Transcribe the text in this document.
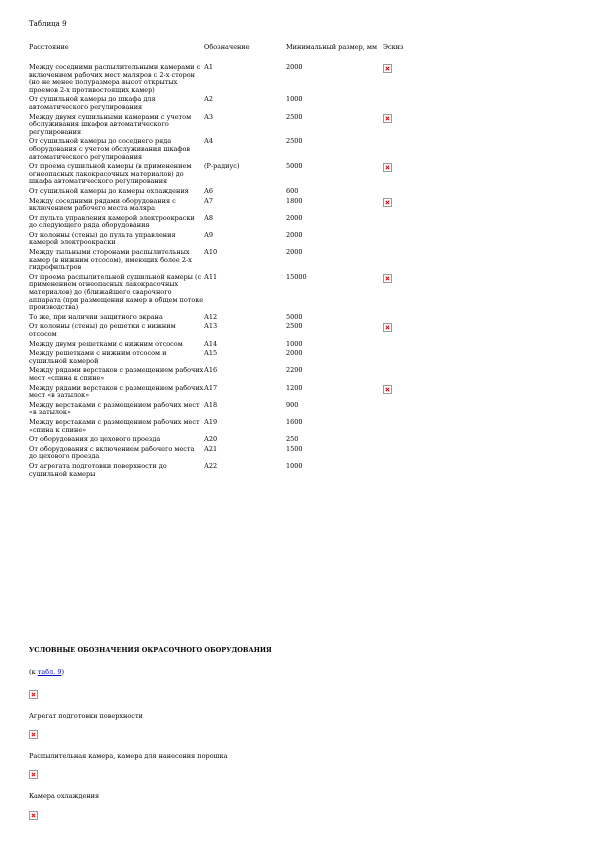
Таблица 9
Расстояние	Обозначение	Минимальный размер, мм	Эскиз
Между соседними распылительными камерами с включением рабочих мест маляров с 2-х сторон (но не менее полуразмера высот открытых проемов 2-х противостоящих камер)	А1	2000	
От сушильной камеры до шкафа для автоматического регулирования	А2	1000	
Между двумя сушильными камерами с учетом обслуживания шкафов автоматического регулирования	А3	2500	
От сушильной камеры до соседнего ряда оборудования с учетом обслуживания шкафов автоматического регулирования	А4	2500	
От проема сушильной камеры (в применением огнеопасных лакокрасочных материалов) до шкафа автоматического регулирования	(Р-радиус)	5000	
От сушильной камеры до камеры охлаждения	А6	600	
Между соседними рядами оборудования с включением рабочего места маляра	А7	1800	
От пульта управления камерой электроокраски до следующего ряда оборудования	А8	2000	
От колонны (стены) до пульта управления камерой электроокраски	А9	2000	
Между тыльными сторонами распылительных камер (в нижним отсосом), имеющих более 2-х гидрофильтров	А10	2000	
От проема распылительной сушильной камеры (с применением огнеопасных лакокрасочных материалов) до (ближайшего сварочного аппарата (при размещении камер в общем потоке производства)	А11	15000	
То же, при наличии защитного экрана	А12	5000	
От колонны (стены) до решетки с нижним отсосом	А13	2500	
Между двумя решетками с нижним отсосом	А14	1000	
Между решетками с нижним отсосом и сушильной камерой	А15	2000	
Между рядами верстаков с размещением рабочих мест «спина к спине»	А16	2200	
Между рядами верстаков с размещением рабочих мест «в затылок»	А17	1200	
Между верстаками с размещением рабочих мест «в затылок»	А18	900	
Между верстаками с размещением рабочих мест «спина к спине»	А19	1600	
От оборудования до цехового проезда	А20	250	
От оборудования с включением рабочего места до цехового проезда	А21	1500	
От агрегата подготовки поверхности до сушильной камеры	А22	1000	
УСЛОВНЫЕ ОБОЗНАЧЕНИЯ ОКРАСОЧНОГО ОБОРУДОВАНИЯ
(к табл. 9)
Агрегат подготовки поверхности
Распылительная камера, камера для нанесения порошка
Камера охлаждения
